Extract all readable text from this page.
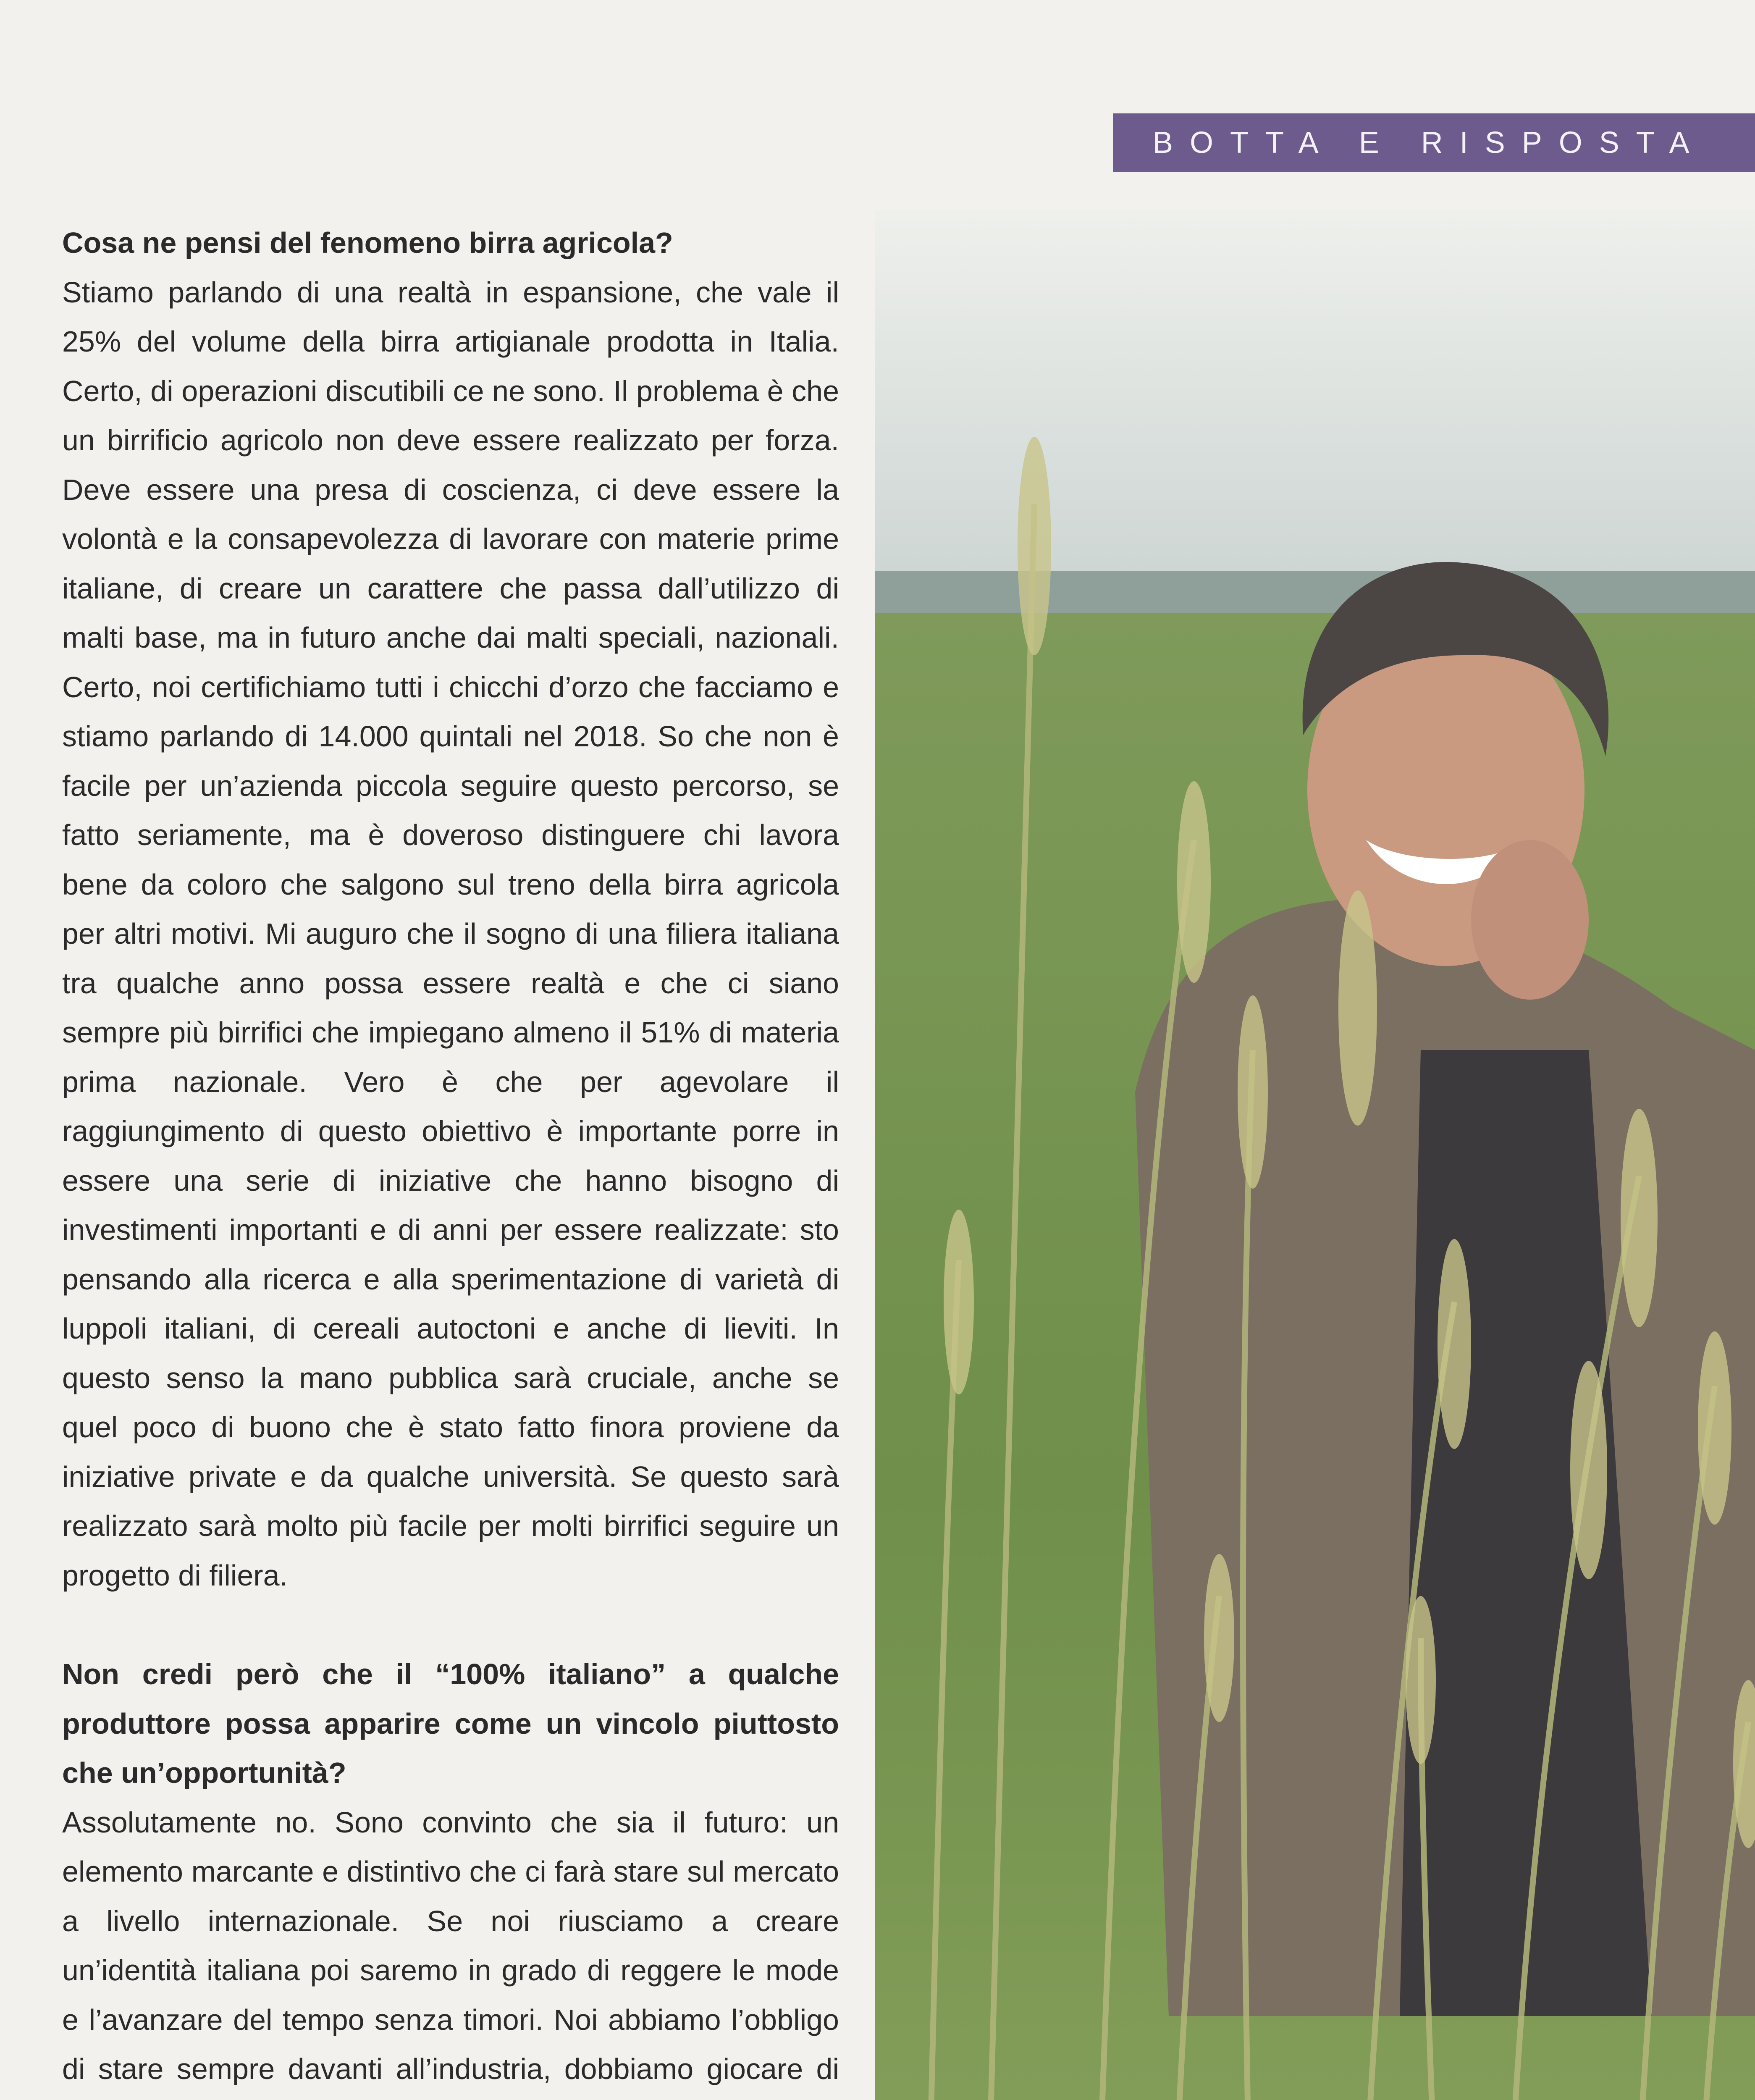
BOTTA E RISPOSTA

Cosa ne pensi del fenomeno birra agricola?

Stiamo parlando di una realtà in espansione, che vale il 25% del volume della birra artigianale prodotta in Italia. Certo, di operazioni discutibili ce ne sono. Il problema è che un birrificio agricolo non deve essere realizzato per forza. Deve essere una presa di coscienza, ci deve essere la volontà e la consapevolezza di lavorare con materie prime italiane, di creare un carattere che passa dall’utilizzo di malti base, ma in futuro anche dai malti speciali, nazionali. Certo, noi certifichiamo tutti i chicchi d’orzo che facciamo e stiamo parlando di 14.000 quintali nel 2018. So che non è facile per un’azienda piccola seguire questo percorso, se fatto seriamente, ma è doveroso distinguere chi lavora bene da coloro che salgono sul treno della birra agricola per altri motivi. Mi auguro che il sogno di una filiera italiana tra qualche anno possa essere realtà e che ci siano sempre più birrifici che impiegano almeno il 51% di materia prima nazionale. Vero è che per agevolare il raggiungimento di questo obiettivo è importante porre in essere una serie di iniziative che hanno bisogno di investimenti importanti e di anni per essere realizzate: sto pensando alla ricerca e alla sperimentazione di varietà di luppoli italiani, di cereali autoctoni e anche di lieviti. In questo senso la mano pubblica sarà cruciale, anche se quel poco di buono che è stato fatto finora proviene da iniziative private e da qualche università. Se questo sarà realizzato sarà molto più facile per molti birrifici seguire un progetto di filiera.

Non credi però che il “100% italiano” a qualche produttore possa apparire come un vincolo piuttosto che un’opportunità?

Assolutamente no. Sono convinto che sia il futuro: un elemento marcante e distintivo che ci farà stare sul mercato a livello internazionale. Se noi riusciamo a creare un’identità italiana poi saremo in grado di reggere le mode e l’avanzare del tempo senza timori. Noi abbiamo l’obbligo di stare sempre davanti all’industria, dobbiamo giocare di
